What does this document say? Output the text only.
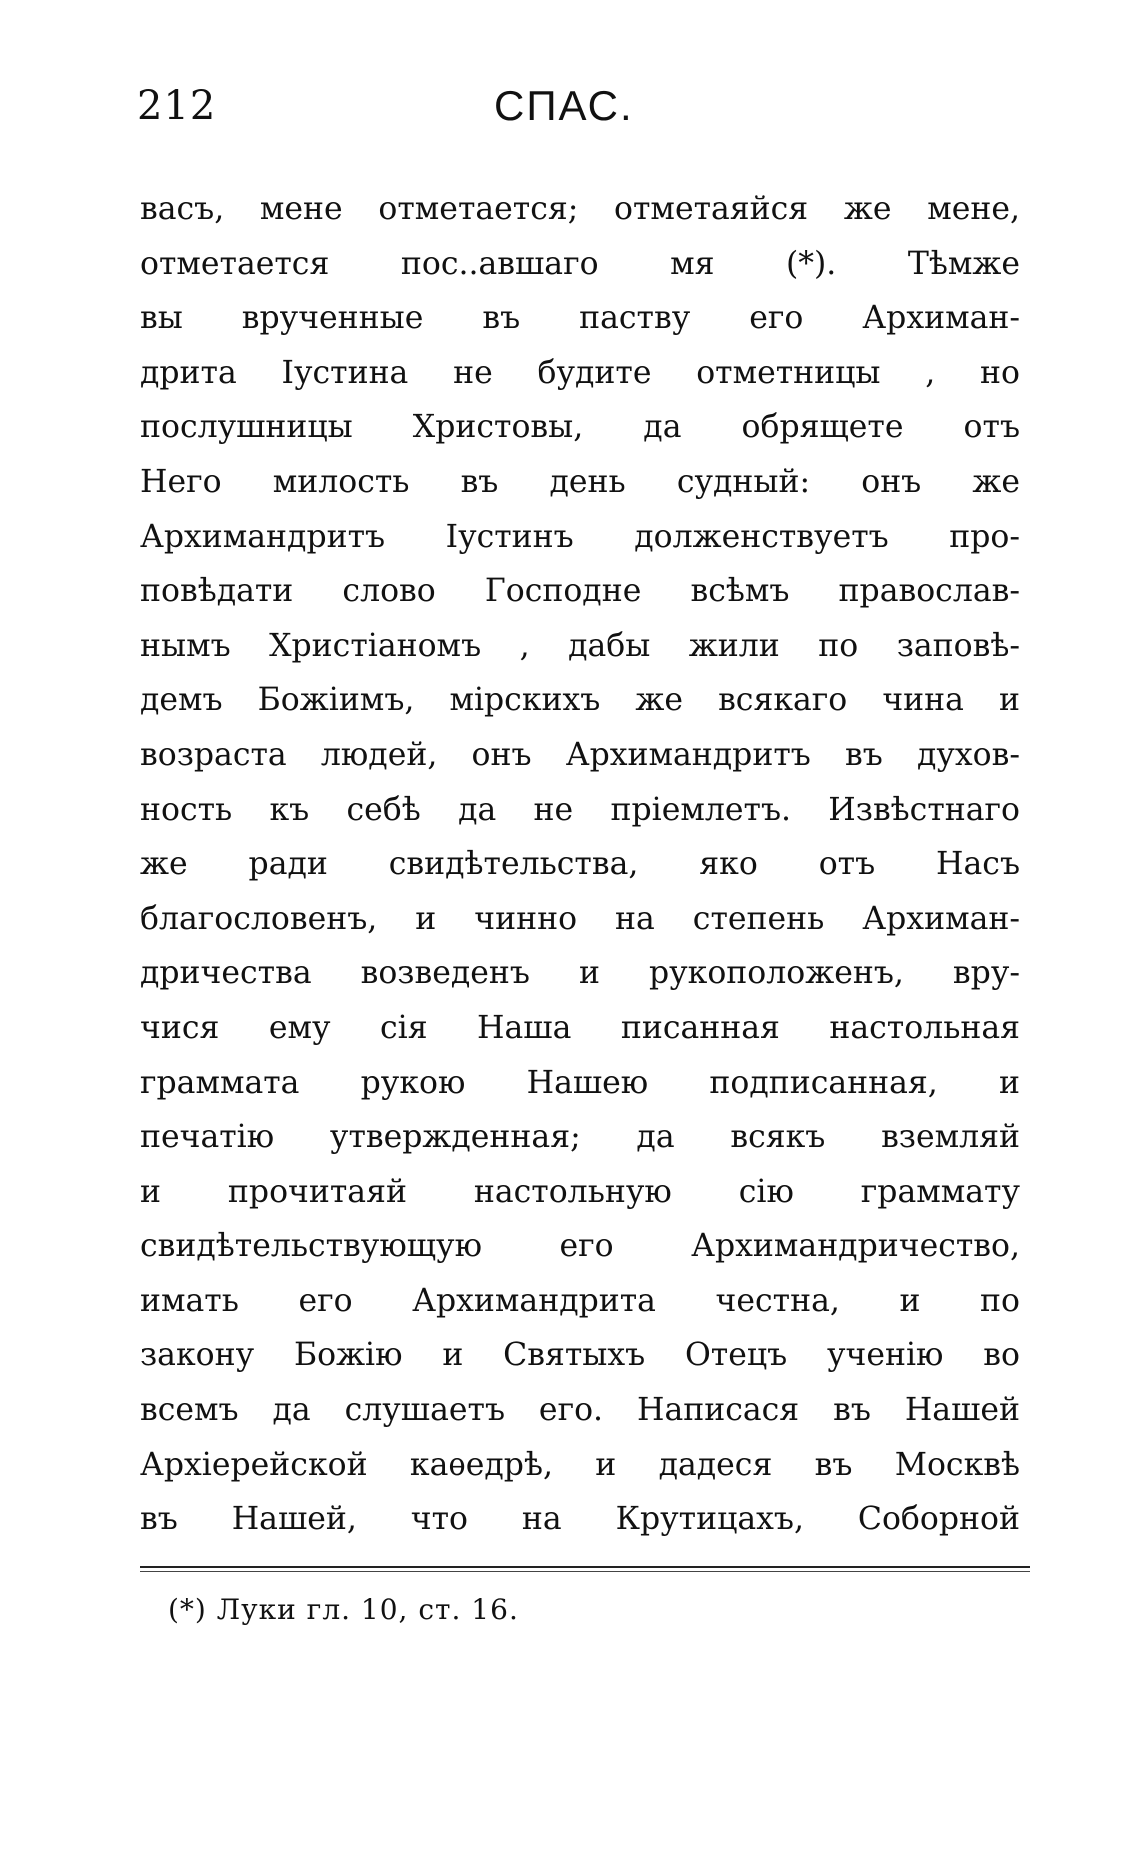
212	СПАС.
васъ, мене отметается; отметаяйся же мене,
отметается пос..авшаго мя (*). Тѣмже
вы врученные въ паству его Архиман-
дрита Іустина не будите отметницы , но
послушницы Христовы, да обрящете отъ
Него милость въ день судный: онъ же
Архимандритъ Іустинъ долженствуетъ про-
повѣдати слово Господне всѣмъ православ-
нымъ Христіаномъ , дабы жили по заповѣ-
демъ Божіимъ, мірскихъ же всякаго чина и
возраста людей, онъ Архимандритъ въ духов-
ность къ себѣ да не пріемлетъ. Извѣстнаго
же ради свидѣтельства, яко отъ Насъ
благословенъ, и чинно на степень Архиман-
дричества возведенъ и рукоположенъ, вру-
чися ему сія Наша писанная настольная
граммата рукою Нашею подписанная, и
печатію утвержденная; да всякъ вземляй
и прочитаяй настольную сію граммату
свидѣтельствующую его Архимандричество,
имать его Архимандрита честна, и по
закону Божію и Святыхъ Отецъ ученію во
всемъ да слушаетъ его. Написася въ Нашей
Архіерейской каѳедрѣ, и дадеся въ Москвѣ
въ Нашей, что на Крутицахъ, Соборной
(*) Луки гл. 10, ст. 16.
